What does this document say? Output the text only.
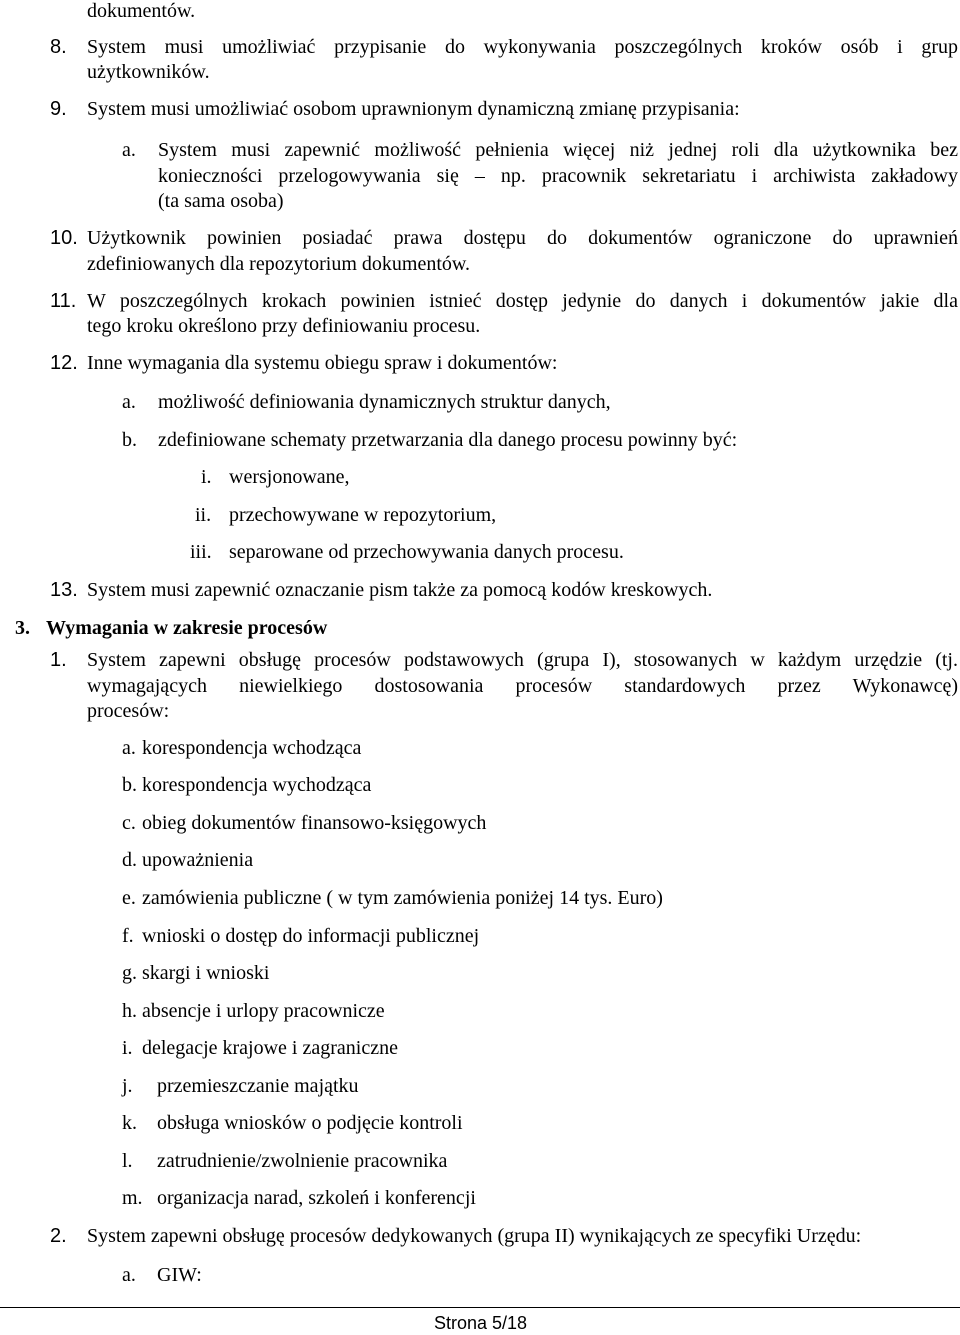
dokumentów.
8. System musi umożliwiać przypisanie do wykonywania poszczególnych kroków osób i grup
użytkowników.
9. System musi umożliwiać osobom uprawnionym dynamiczną zmianę przypisania:
a. System musi zapewnić możliwość pełnienia więcej niż jednej roli dla użytkownika bez
konieczności przelogowywania się – np. pracownik sekretariatu i archiwista zakładowy
(ta sama osoba)
10. Użytkownik powinien posiadać prawa dostępu do dokumentów ograniczone do uprawnień
zdefiniowanych dla repozytorium dokumentów.
11. W poszczególnych krokach powinien istnieć dostęp jedynie do danych i dokumentów jakie dla
tego kroku określono przy definiowaniu procesu.
12. Inne wymagania dla systemu obiegu spraw i dokumentów:
a. możliwość definiowania dynamicznych struktur danych,
b. zdefiniowane schematy przetwarzania dla danego procesu powinny być:
i. wersjonowane,
ii. przechowywane w repozytorium,
iii. separowane od przechowywania danych procesu.
13. System musi zapewnić oznaczanie pism także za pomocą kodów kreskowych.
3. Wymagania w zakresie procesów
1. System zapewni obsługę procesów podstawowych (grupa I), stosowanych w każdym urzędzie (tj.
wymagających niewielkiego dostosowania procesów standardowych przez Wykonawcę)
procesów:
a. korespondencja wchodząca
b. korespondencja wychodząca
c. obieg dokumentów finansowo-księgowych
d. upoważnienia
e. zamówienia publiczne ( w tym zamówienia poniżej 14 tys. Euro)
f. wnioski o dostęp do informacji publicznej
g. skargi i wnioski
h. absencje i urlopy pracownicze
i. delegacje krajowe i zagraniczne
j. przemieszczanie majątku
k. obsługa wniosków o podjęcie kontroli
l. zatrudnienie/zwolnienie pracownika
m. organizacja narad, szkoleń i konferencji
2. System zapewni obsługę procesów dedykowanych (grupa II) wynikających ze specyfiki Urzędu:
a. GIW:
Strona 5/18
